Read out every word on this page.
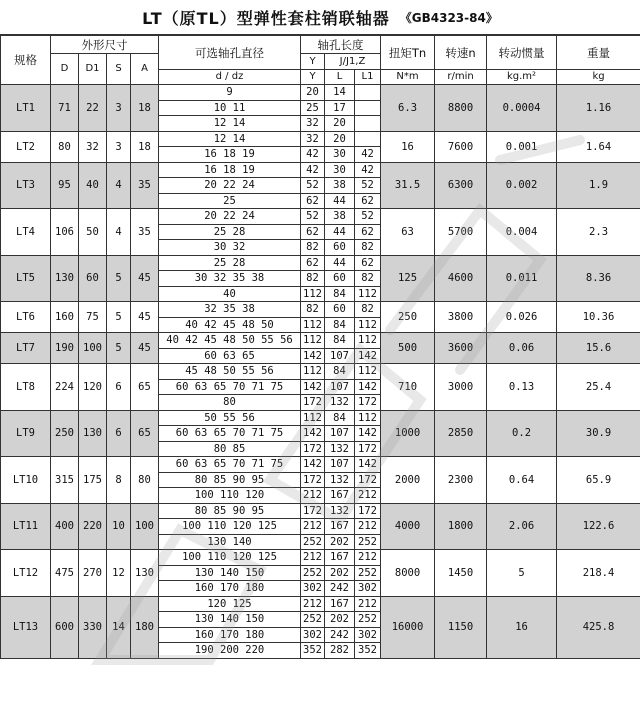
LT（原TL）型弹性套柱销联轴器 《GB4323-84》
规格	外形尺寸				可选轴孔直径	轴孔长度			扭矩Tn	转速n	转动惯量	重量
	D	D1	S	A		Y	J/J1,Z					
					d / dz	Y	L	L1	N*m	r/min	kg.m²	kg
LT1	71	22	3	18	9	20	14		6.3	8800	0.0004	1.16
					10 11	25	17					
					12 14	32	20					
LT2	80	32	3	18	12 14	32	20		16	7600	0.001	1.64
					16 18 19	42	30	42				
LT3	95	40	4	35	16 18 19	42	30	42	31.5	6300	0.002	1.9
					20 22 24	52	38	52				
					25	62	44	62				
LT4	106	50	4	35	20 22 24	52	38	52	63	5700	0.004	2.3
					25 28	62	44	62				
					30 32	82	60	82				
LT5	130	60	5	45	25 28	62	44	62	125	4600	0.011	8.36
					30 32 35 38	82	60	82				
					40	112	84	112				
LT6	160	75	5	45	32 35 38	82	60	82	250	3800	0.026	10.36
					40 42 45 48 50	112	84	112				
LT7	190	100	5	45	40 42 45 48 50 55 56	112	84	112	500	3600	0.06	15.6
					60 63 65	142	107	142				
LT8	224	120	6	65	45 48 50 55 56	112	84	112	710	3000	0.13	25.4
					60 63 65 70 71 75	142	107	142				
					80	172	132	172				
LT9	250	130	6	65	50 55 56	112	84	112	1000	2850	0.2	30.9
					60 63 65 70 71 75	142	107	142				
					80 85	172	132	172				
LT10	315	175	8	80	60 63 65 70 71 75	142	107	142	2000	2300	0.64	65.9
					80 85 90 95	172	132	172				
					100 110 120	212	167	212				
LT11	400	220	10	100	80 85 90 95	172	132	172	4000	1800	2.06	122.6
					100 110 120 125	212	167	212				
					130 140	252	202	252				
LT12	475	270	12	130	100 110 120 125	212	167	212	8000	1450	5	218.4
					130 140 150	252	202	252				
					160 170 180	302	242	302				
LT13	600	330	14	180	120 125	212	167	212	16000	1150	16	425.8
					130 140 150	252	202	252				
					160 170 180	302	242	302				
					190 200 220	352	282	352				
